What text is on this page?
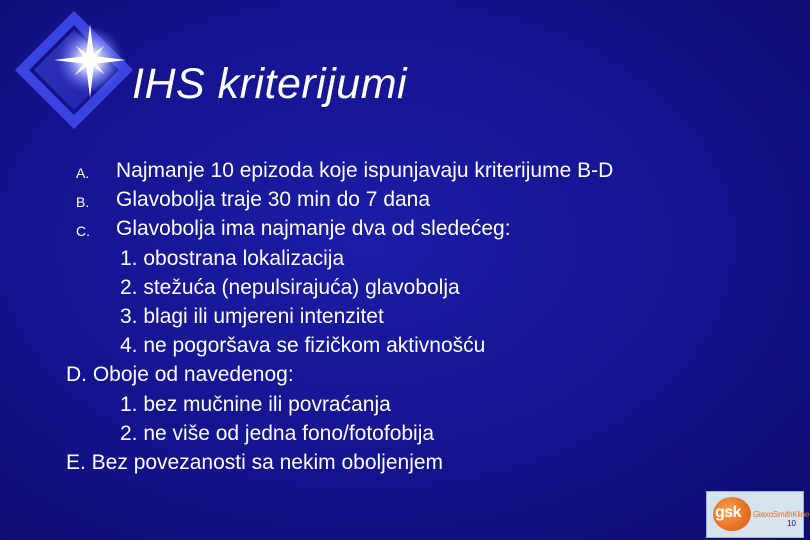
IHS kriterijumi
A. Najmanje 10 epizoda koje ispunjavaju kriterijume B-D
B. Glavobolja traje 30 min do 7 dana
C. Glavobolja ima najmanje dva od sledećeg:
1. obostrana lokalizacija
2. stežuća (nepulsirajuća) glavobolja
3. blagi ili umjereni intenzitet
4. ne pogoršava se fizičkom aktivnošću
D. Oboje od navedenog:
1. bez mučnine ili povraćanja
2. ne više od jedna fono/fotofobija
E. Bez povezanosti sa nekim oboljenjem
gsk GlaxoSmithKline
10
